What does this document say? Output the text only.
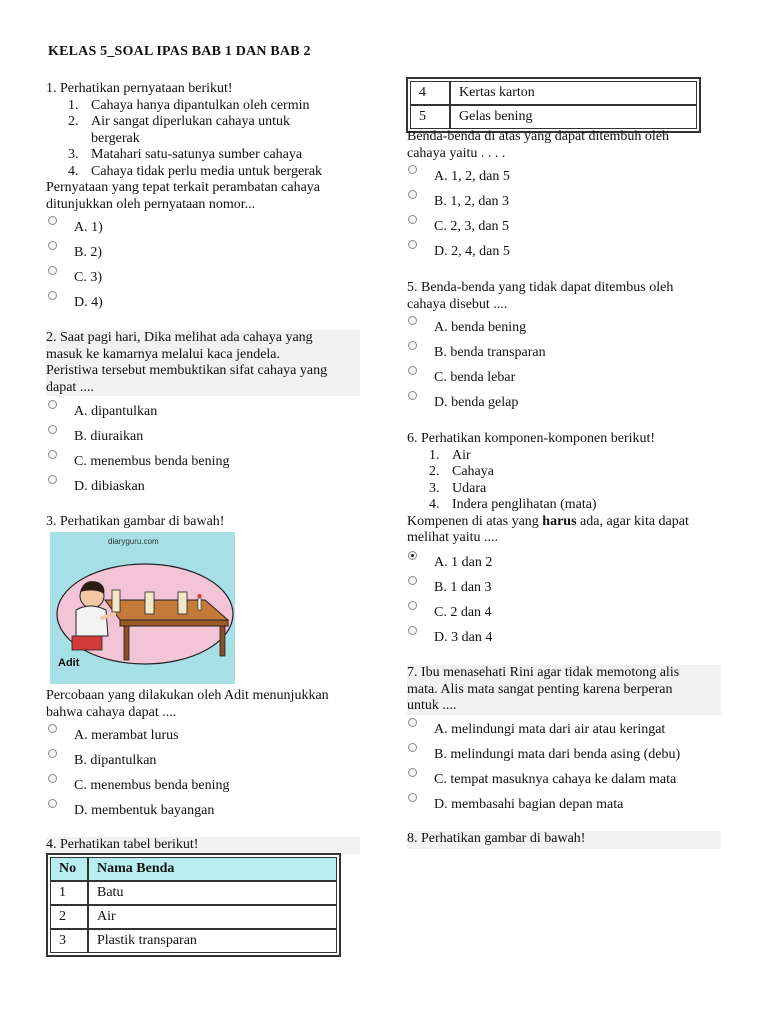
KELAS 5_SOAL IPAS BAB 1 DAN BAB 2
1. Perhatikan pernyataan berikut!
1. Cahaya hanya dipantulkan oleh cermin
2. Air sangat diperlukan cahaya untuk
bergerak
3. Matahari satu-satunya sumber cahaya
4. Cahaya tidak perlu media untuk bergerak
Pernyataan yang tepat terkait perambatan cahaya
ditunjukkan oleh pernyataan nomor...
A. 1)
B. 2)
C. 3)
D. 4)
2. Saat pagi hari, Dika melihat ada cahaya yang
masuk ke kamarnya melalui kaca jendela.
Peristiwa tersebut membuktikan sifat cahaya yang
dapat ....
A. dipantulkan
B. diuraikan
C. menembus benda bening
D. dibiaskan
3. Perhatikan gambar di bawah!
diaryguru.com
Adit
Percobaan yang dilakukan oleh Adit menunjukkan
bahwa cahaya dapat ....
A. merambat lurus
B. dipantulkan
C. menembus benda bening
D. membentuk bayangan
4. Perhatikan tabel berikut!
No	Nama Benda
1	Batu
2	Air
3	Plastik transparan
4	Kertas karton
5	Gelas bening
Benda-benda di atas yang dapat ditembuh oleh
cahaya yaitu . . . .
A. 1, 2, dan 5
B. 1, 2, dan 3
C. 2, 3, dan 5
D. 2, 4, dan 5
5. Benda-benda yang tidak dapat ditembus oleh
cahaya disebut ....
A. benda bening
B. benda transparan
C. benda lebar
D. benda gelap
6. Perhatikan komponen-komponen berikut!
1. Air
2. Cahaya
3. Udara
4. Indera penglihatan (mata)
Kompenen di atas yang harus ada, agar kita dapat
melihat yaitu ....
A. 1 dan 2
B. 1 dan 3
C. 2 dan 4
D. 3 dan 4
7. Ibu menasehati Rini agar tidak memotong alis
mata. Alis mata sangat penting karena berperan
untuk ....
A. melindungi mata dari air atau keringat
B. melindungi mata dari benda asing (debu)
C. tempat masuknya cahaya ke dalam mata
D. membasahi bagian depan mata
8. Perhatikan gambar di bawah!
